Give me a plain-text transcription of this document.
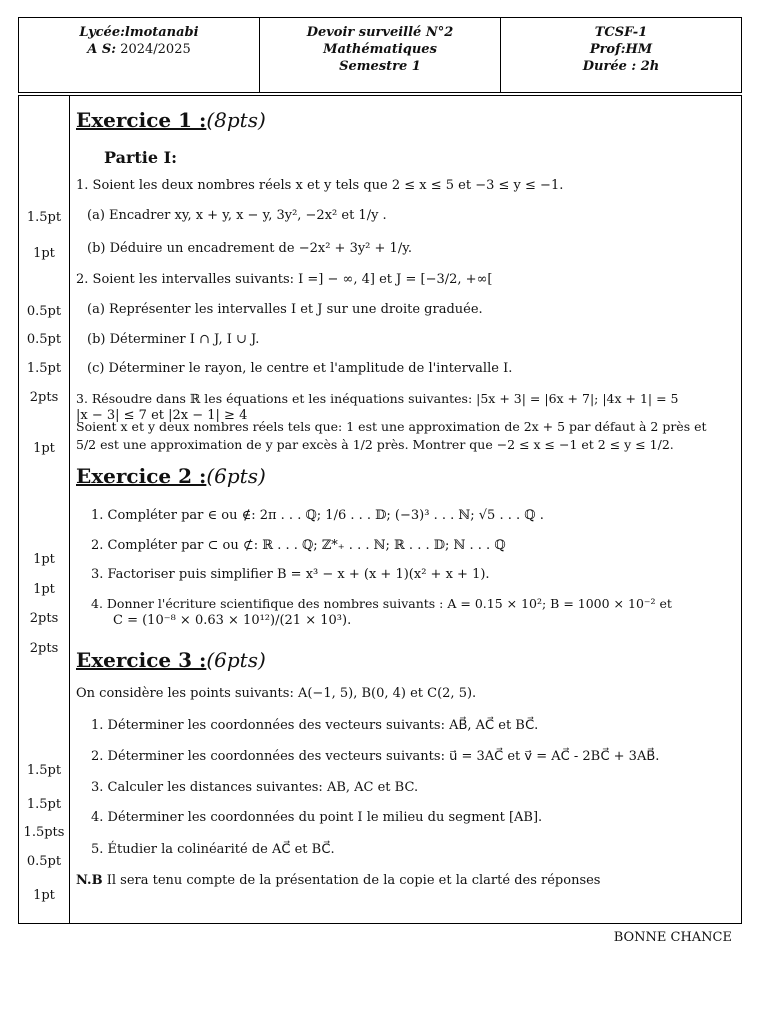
Lycée:lmotanabi
A S: 2024/2025
Devoir surveillé N°2
Mathématiques
Semestre 1
TCSF-1
Prof:HM
Durée : 2h
1.5pt
1pt
0.5pt
0.5pt
1.5pt
2pts
1pt
1pt
1pt
2pts
2pts
1.5pt
1.5pt
1.5pts
0.5pt
1pt
Exercice 1 :(8pts)
Partie I:
1. Soient les deux nombres réels x et y tels que 2 ≤ x ≤ 5 et −3 ≤ y ≤ −1.
(a) Encadrer xy, x + y, x − y, 3y², −2x² et 1/y .
(b) Déduire un encadrement de −2x² + 3y² + 1/y.
2. Soient les intervalles suivants: I =] − ∞, 4] et J = [−3/2, +∞[
(a) Représenter les intervalles I et J sur une droite graduée.
(b) Déterminer I ∩ J, I ∪ J.
(c) Déterminer le rayon, le centre et l'amplitude de l'intervalle I.
3. Résoudre dans ℝ les équations et les inéquations suivantes: |5x + 3| = |6x + 7|; |4x + 1| = 5
|x − 3| ≤ 7 et |2x − 1| ≥ 4
Soient x et y deux nombres réels tels que: 1 est une approximation de 2x + 5 par défaut à 2 près et
5/2 est une approximation de y par excès à 1/2 près. Montrer que −2 ≤ x ≤ −1 et 2 ≤ y ≤ 1/2.
Exercice 2 :(6pts)
1. Compléter par ∈ ou ∉: 2π . . . ℚ; 1/6 . . . 𝔻; (−3)³ . . . ℕ; √5 . . . ℚ .
2. Compléter par ⊂ ou ⊄: ℝ . . . ℚ; ℤ*₊ . . . ℕ; ℝ . . . 𝔻; ℕ . . . ℚ
3. Factoriser puis simplifier B = x³ − x + (x + 1)(x² + x + 1).
4. Donner l'écriture scientifique des nombres suivants : A = 0.15 × 10²; B = 1000 × 10⁻² et
C = (10⁻⁸ × 0.63 × 10¹²)/(21 × 10³).
Exercice 3 :(6pts)
On considère les points suivants: A(−1, 5), B(0, 4) et C(2, 5).
1. Déterminer les coordonnées des vecteurs suivants: AB⃗, AC⃗ et BC⃗.
2. Déterminer les coordonnées des vecteurs suivants: u⃗ = 3AC⃗ et v⃗ = AC⃗ - 2BC⃗ + 3AB⃗.
3. Calculer les distances suivantes: AB, AC et BC.
4. Déterminer les coordonnées du point I le milieu du segment [AB].
5. Étudier la colinéarité de AC⃗ et BC⃗.
N.B Il sera tenu compte de la présentation de la copie et la clarté des réponses
BONNE CHANCE
